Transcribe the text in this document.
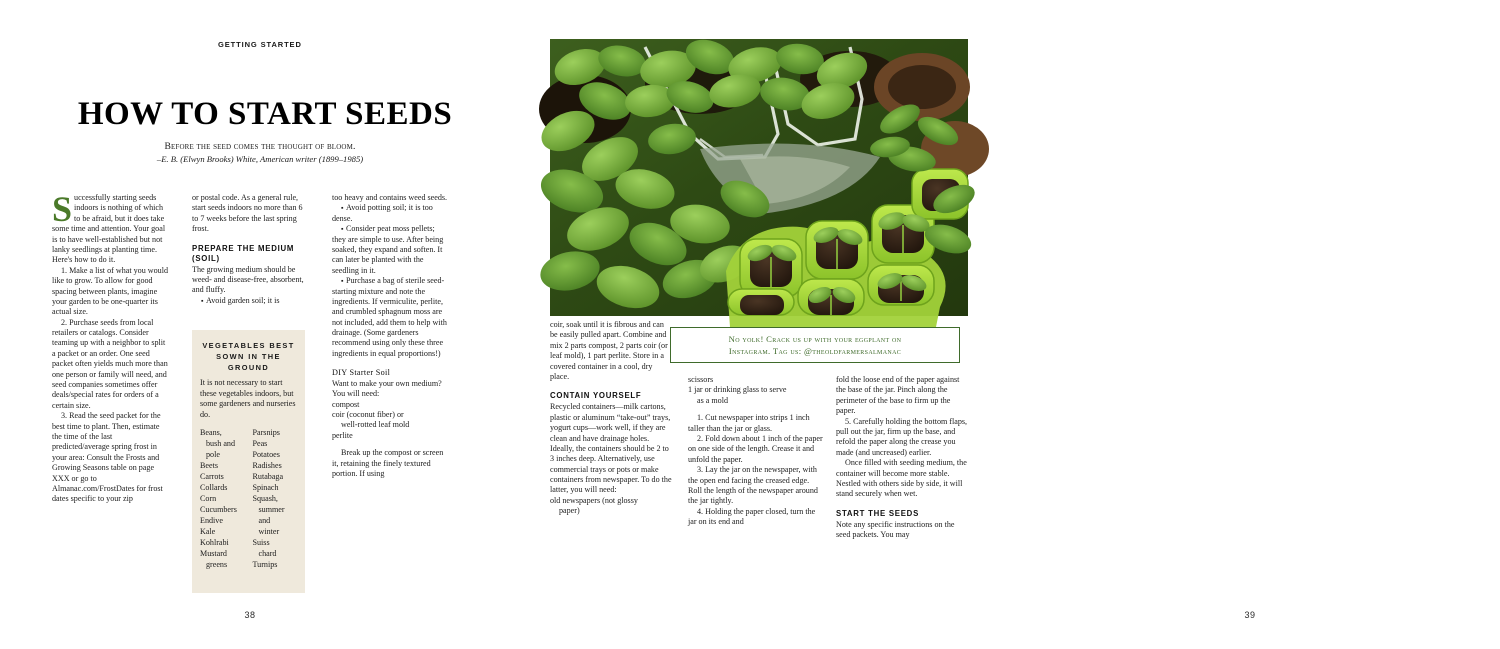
GETTING STARTED
HOW TO START SEEDS
Before the seed comes the thought of bloom.
–E. B. (Elwyn Brooks) White, American writer (1899–1985)

Successfully starting seeds indoors is nothing of which to be afraid, but it does take some time and attention. Your goal is to have well-established but not lanky seedlings at planting time. Here's how to do it.

1. Make a list of what you would like to grow. To allow for good spacing between plants, imagine your garden to be one-quarter its actual size.

2. Purchase seeds from local retailers or catalogs. Consider teaming up with a neighbor to split a packet or an order. One seed packet often yields much more than one person or family will need, and seed companies sometimes offer deals/special rates for orders of a certain size.

3. Read the seed packet for the best time to plant. Then, estimate the time of the last predicted/average spring frost in your area: Consult the Frosts and Growing Seasons table on page XXX or go to Almanac.com/FrostDates for frost dates specific to your zip

or postal code. As a general rule, start seeds indoors no more than 6 to 7 weeks before the last spring frost.

PREPARE THE MEDIUM (SOIL)

The growing medium should be weed- and disease-free, absorbent, and fluffy.

▪ Avoid garden soil; it is

too heavy and contains weed seeds.

▪ Avoid potting soil; it is too dense.

▪ Consider peat moss pellets; they are simple to use. After being soaked, they expand and soften. It can later be planted with the seedling in it.

▪ Purchase a bag of sterile seed-starting mixture and note the ingredients. If vermiculite, perlite, and crumbled sphagnum moss are not included, add them to help with drainage. (Some gardeners recommend using only these three ingredients in equal proportions!)

DIY Starter Soil

Want to make your own medium? You will need:

compost

coir (coconut fiber) or

well-rotted leaf mold

perlite

Break up the compost or screen it, retaining the finely textured portion. If using

VEGETABLES BEST SOWN IN THE GROUND
It is not necessary to start these vegetables indoors, but some gardeners and nurseries do.
Beans,
bush and
pole
Beets
Carrots
Collards
Corn
Cucumbers
Endive
Kale
Kohlrabi
Mustard
greens
Parsnips
Peas
Potatoes
Radishes
Rutabaga
Spinach
Squash,
summer
and
winter
Suiss
chard
Turnips
38
No yolk! Crack us up with your eggplant on
Instagram. Tag us: @theoldfarmersalmanac

coir, soak until it is fibrous and can be easily pulled apart. Combine and mix 2 parts compost, 2 parts coir (or leaf mold), 1 part perlite. Store in a covered container in a cool, dry place.

CONTAIN YOURSELF

Recycled containers—milk cartons, plastic or aluminum “take-out” trays, yogurt cups—work well, if they are clean and have drainage holes. Ideally, the containers should be 2 to 3 inches deep. Alternatively, use commercial trays or pots or make containers from newspaper. To do the latter, you will need:

old newspapers (not glossy

paper)

scissors

1 jar or drinking glass to serve

as a mold

1. Cut newspaper into strips 1 inch taller than the jar or glass.

2. Fold down about 1 inch of the paper on one side of the length. Crease it and unfold the paper.

3. Lay the jar on the newspaper, with the open end facing the creased edge. Roll the length of the newspaper around the jar tightly.

4. Holding the paper closed, turn the jar on its end and

fold the loose end of the paper against the base of the jar. Pinch along the perimeter of the base to firm up the paper.

5. Carefully holding the bottom flaps, pull out the jar, firm up the base, and refold the paper along the crease you made (and uncreased) earlier.

Once filled with seeding medium, the container will become more stable. Nestled with others side by side, it will stand securely when wet.

START THE SEEDS

Note any specific instructions on the seed packets. You may

39
